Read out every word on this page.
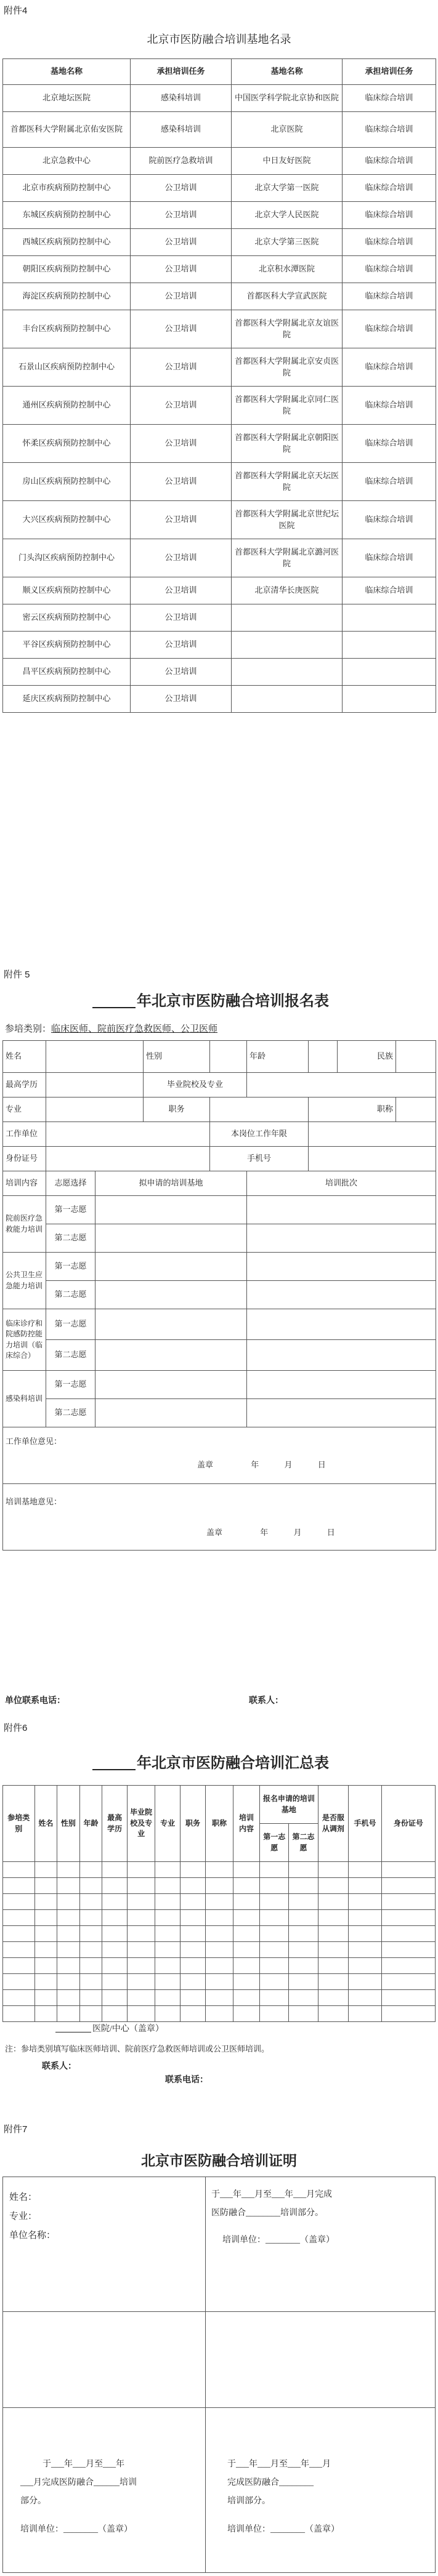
附件4
北京市医防融合培训基地名录
基地名称	承担培训任务	基地名称	承担培训任务
北京地坛医院	感染科培训	中国医学科学院北京协和医院	临床综合培训
首都医科大学附属北京佑安医院	感染科培训	北京医院	临床综合培训
北京急救中心	院前医疗急救培训	中日友好医院	临床综合培训
北京市疾病预防控制中心	公卫培训	北京大学第一医院	临床综合培训
东城区疾病预防控制中心	公卫培训	北京大学人民医院	临床综合培训
西城区疾病预防控制中心	公卫培训	北京大学第三医院	临床综合培训
朝阳区疾病预防控制中心	公卫培训	北京积水潭医院	临床综合培训
海淀区疾病预防控制中心	公卫培训	首都医科大学宣武医院	临床综合培训
丰台区疾病预防控制中心	公卫培训	首都医科大学附属北京友谊医院	临床综合培训
石景山区疾病预防控制中心	公卫培训	首都医科大学附属北京安贞医院	临床综合培训
通州区疾病预防控制中心	公卫培训	首都医科大学附属北京同仁医院	临床综合培训
怀柔区疾病预防控制中心	公卫培训	首都医科大学附属北京朝阳医院	临床综合培训
房山区疾病预防控制中心	公卫培训	首都医科大学附属北京天坛医院	临床综合培训
大兴区疾病预防控制中心	公卫培训	首都医科大学附属北京世纪坛医院	临床综合培训
门头沟区疾病预防控制中心	公卫培训	首都医科大学附属北京潞河医院	临床综合培训
顺义区疾病预防控制中心	公卫培训	北京清华长庚医院	临床综合培训
密云区疾病预防控制中心	公卫培训		
平谷区疾病预防控制中心	公卫培训		
昌平区疾病预防控制中心	公卫培训		
延庆区疾病预防控制中心	公卫培训		
附件 5
年北京市医防融合培训报名表
参培类别：临床医师、院前医疗急救医师、公卫医师
姓名			性别		年龄		民族	
最高学历			毕业院校及专业					
专业			职务			职称		
工作单位				本岗位工作年限				
身份证号				手机号				
培训内容	志愿选择	拟申请的培训基地			培训批次			
院前医疗急救能力培训	第一志愿							
	第二志愿							
公共卫生应急能力培训	第一志愿							
	第二志愿							
临床诊疗和院感防控能力培训（临床综合）	第一志愿							
	第二志愿							
感染科培训	第一志愿							
	第二志愿							

工作单位意见：
盖章 年 月 日								

培训基地意见：
盖章 年 月 日								
单位联系电话：	联系人：
附件6
年北京市医防融合培训汇总表
参培类别	姓名	性别	年龄	最高学历	毕业院校及专业	专业	职务	职称	培训内容	报名申请的培训基地		是否服从调剂	手机号	身份证号
										第一志愿	第二志愿			

医院/中心（盖章）
注：参培类别填写临床医师培训、院前医疗急救医师培训或公卫医师培训。
联系人：
联系电话：
附件7
北京市医防融合培训证明
姓名：
专业：
单位名称：
于___年___月至___年___月完成
医防融合________培训部分。
培训单位：________（盖章）
于___年___月至___年
___月完成医防融合______培训
部分。
培训单位：________（盖章）
于___年___月至___年___月
完成医防融合________
培训部分。
培训单位：________（盖章）
